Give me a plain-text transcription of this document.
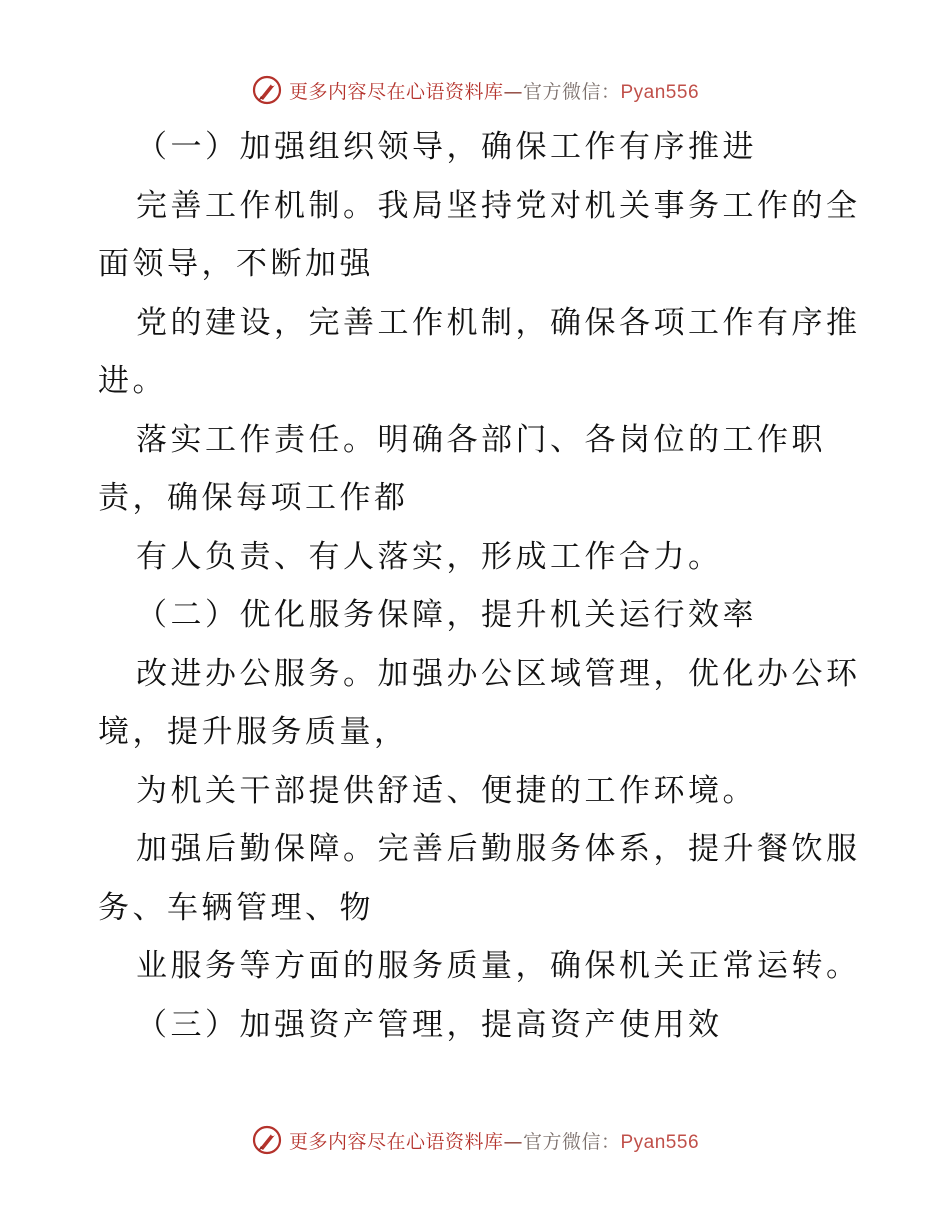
更多内容尽在心语资料库—官方微信：Pyan556
（一）加强组织领导，确保工作有序推进
完善工作机制。我局坚持党对机关事务工作的全
面领导，不断加强
党的建设，完善工作机制，确保各项工作有序推
进。
落实工作责任。明确各部门、各岗位的工作职
责，确保每项工作都
有人负责、有人落实，形成工作合力。
（二）优化服务保障，提升机关运行效率
改进办公服务。加强办公区域管理，优化办公环
境，提升服务质量，
为机关干部提供舒适、便捷的工作环境。
加强后勤保障。完善后勤服务体系，提升餐饮服
务、车辆管理、物
业服务等方面的服务质量，确保机关正常运转。
（三）加强资产管理，提高资产使用效
更多内容尽在心语资料库—官方微信：Pyan556
